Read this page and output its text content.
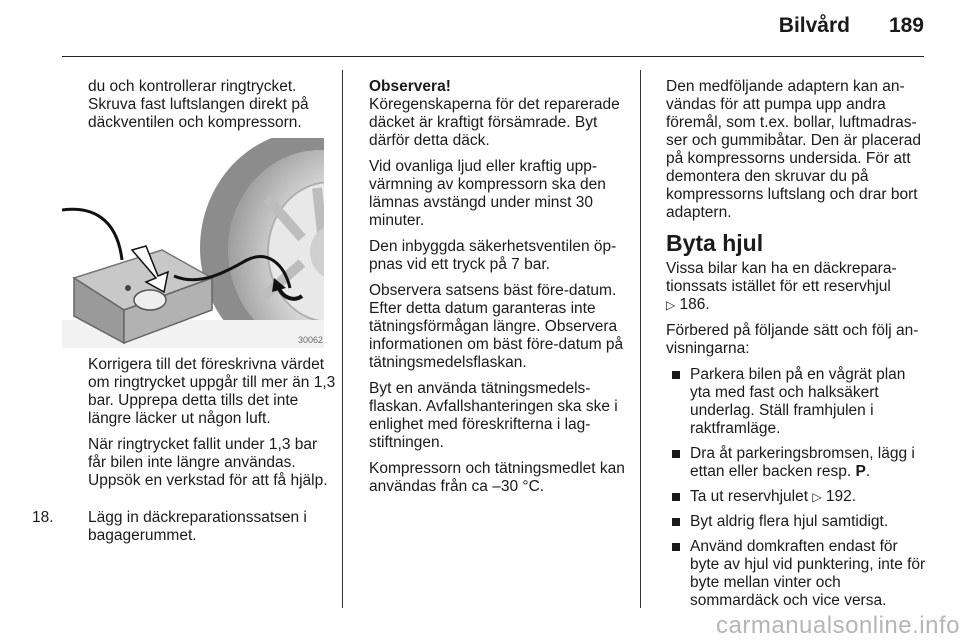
Bilvård	189

du och kontrollerar ringtrycket. Skruva fast luftslangen direkt på däckventilen och kompressorn.

30062

Korrigera till det föreskrivna värdet om ringtrycket uppgår till mer än 1,3 bar. Upprepa detta tills det inte längre läcker ut någon luft.

När ringtrycket fallit under 1,3 bar får bilen inte längre användas. Uppsök en verkstad för att få hjälp.

18. Lägg in däckreparationssatsen i bagagerummet.
Observera!

Köregenskaperna för det reparerade däcket är kraftigt försämrade. Byt därför detta däck.

Vid ovanliga ljud eller kraftig uppvärmning av kompressorn ska den lämnas avstängd under minst 30 minuter.

Den inbyggda säkerhetsventilen öppnas vid ett tryck på 7 bar.

Observera satsens bäst före-datum. Efter detta datum garanteras inte tätningsförmågan längre. Observera informationen om bäst före-datum på tätningsmedelsflaskan.

Byt en använda tätningsmedelsflaskan. Avfallshanteringen ska ske i enlighet med föreskrifterna i lagstiftningen.

Kompressorn och tätningsmedlet kan användas från ca –30 °C.

Den medföljande adaptern kan användas för att pumpa upp andra föremål, som t.ex. bollar, luftmadrasser och gummibåtar. Den är placerad på kompressorns undersida. För att demontera den skruvar du på kompressorns luftslang och drar bort adaptern.

Byta hjul

Vissa bilar kan ha en däckreparationssats istället för ett reservhjul
▷ 186.

Förbered på följande sätt och följ anvisningarna:

Parkera bilen på en vågrät plan yta med fast och halksäkert underlag. Ställ framhjulen i raktframläge.
Dra åt parkeringsbromsen, lägg i ettan eller backen resp. P.
Ta ut reservhjulet ▷ 192.
Byt aldrig flera hjul samtidigt.
Använd domkraften endast för byte av hjul vid punktering, inte för byte mellan vinter och sommardäck och vice versa.
carmanualsonline.info
